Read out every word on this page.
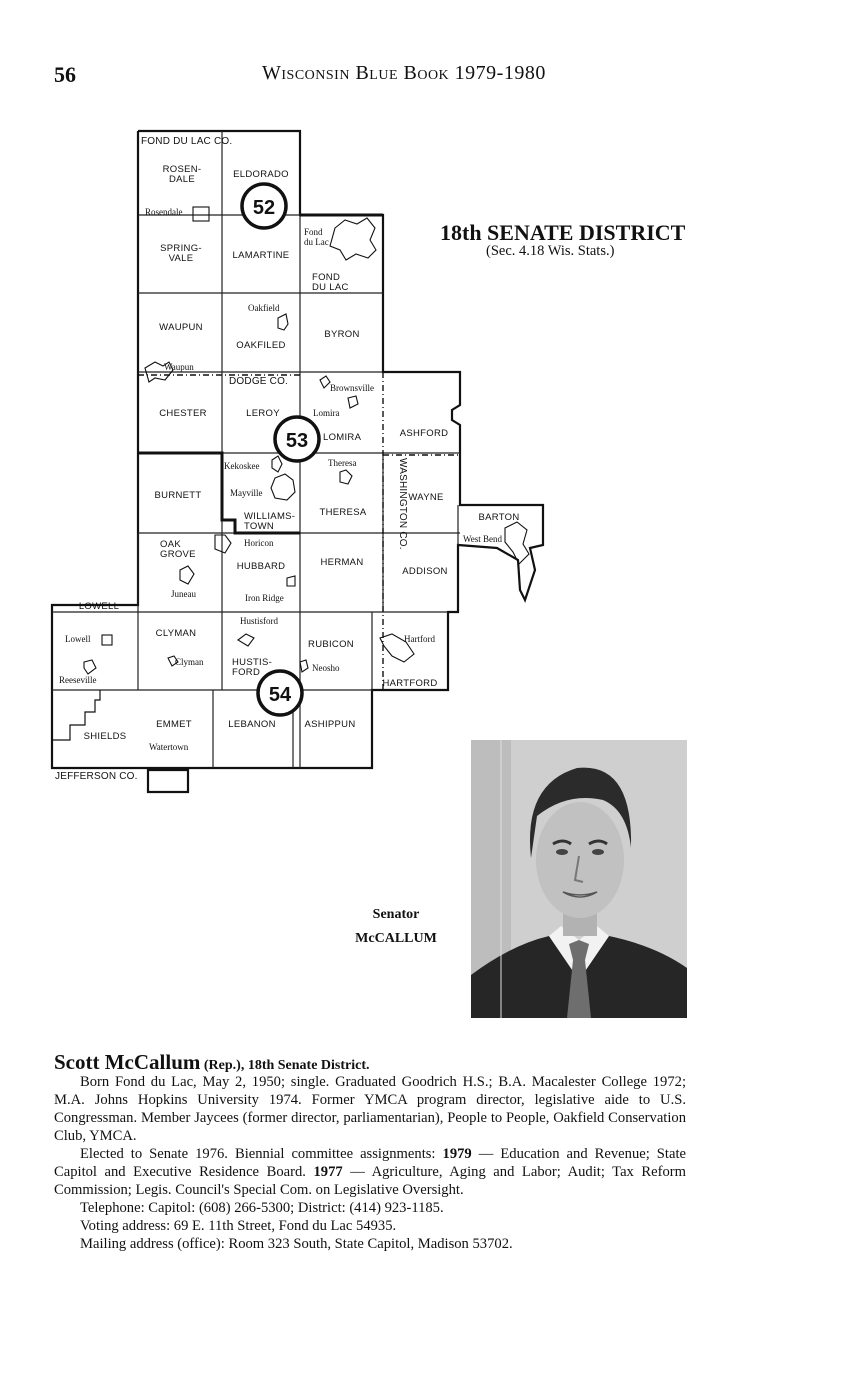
56	Wisconsin Blue Book 1979-1980
52
53
54
FOND DU LAC CO.
DODGE CO.
JEFFERSON CO.
WASHINGTON CO.
ROSEN-DALE	ELDORADO
SPRING-VALE	LAMARTINE
FOND DU LAC
WAUPUN
OAKFILED
BYRON
CHESTER	LEROY
LOMIRA	ASHFORD
BURNETT
WILLIAMS-TOWN
THERESA
WAYNE
BARTON
OAK GROVE
HUBBARD	HERMAN
ADDISON
LOWELL
CLYMAN
HUSTIS-FORD
RUBICON
HARTFORD
SHIELDS
EMMET	LEBANON	ASHIPPUN
Rosendale
Fond du Lac
Oakfield
Waupun
Brownsville
Lomira
Kekoskee	Theresa
Mayville
West Bend
Horicon
Juneau	Iron Ridge
Hustisford
Lowell
Reeseville
Clyman
Neosho
Hartford
Watertown
18th SENATE DISTRICT
(Sec. 4.18 Wis. Stats.)
Senator
McCALLUM
Scott McCallum (Rep.), 18th Senate District.

Born Fond du Lac, May 2, 1950; single. Graduated Goodrich H.S.; B.A. Macalester College 1972; M.A. Johns Hopkins University 1974. Former YMCA program director, legislative aide to U.S. Congressman. Member Jaycees (former director, parliamentarian), People to People, Oakfield Conservation Club, YMCA.

Elected to Senate 1976. Biennial committee assignments: 1979 — Education and Revenue; State Capitol and Executive Residence Board. 1977 — Agriculture, Aging and Labor; Audit; Tax Reform Commission; Legis. Council's Special Com. on Legislative Oversight.

Telephone: Capitol: (608) 266-5300; District: (414) 923-1185.

Voting address: 69 E. 11th Street, Fond du Lac 54935.

Mailing address (office): Room 323 South, State Capitol, Madison 53702.
